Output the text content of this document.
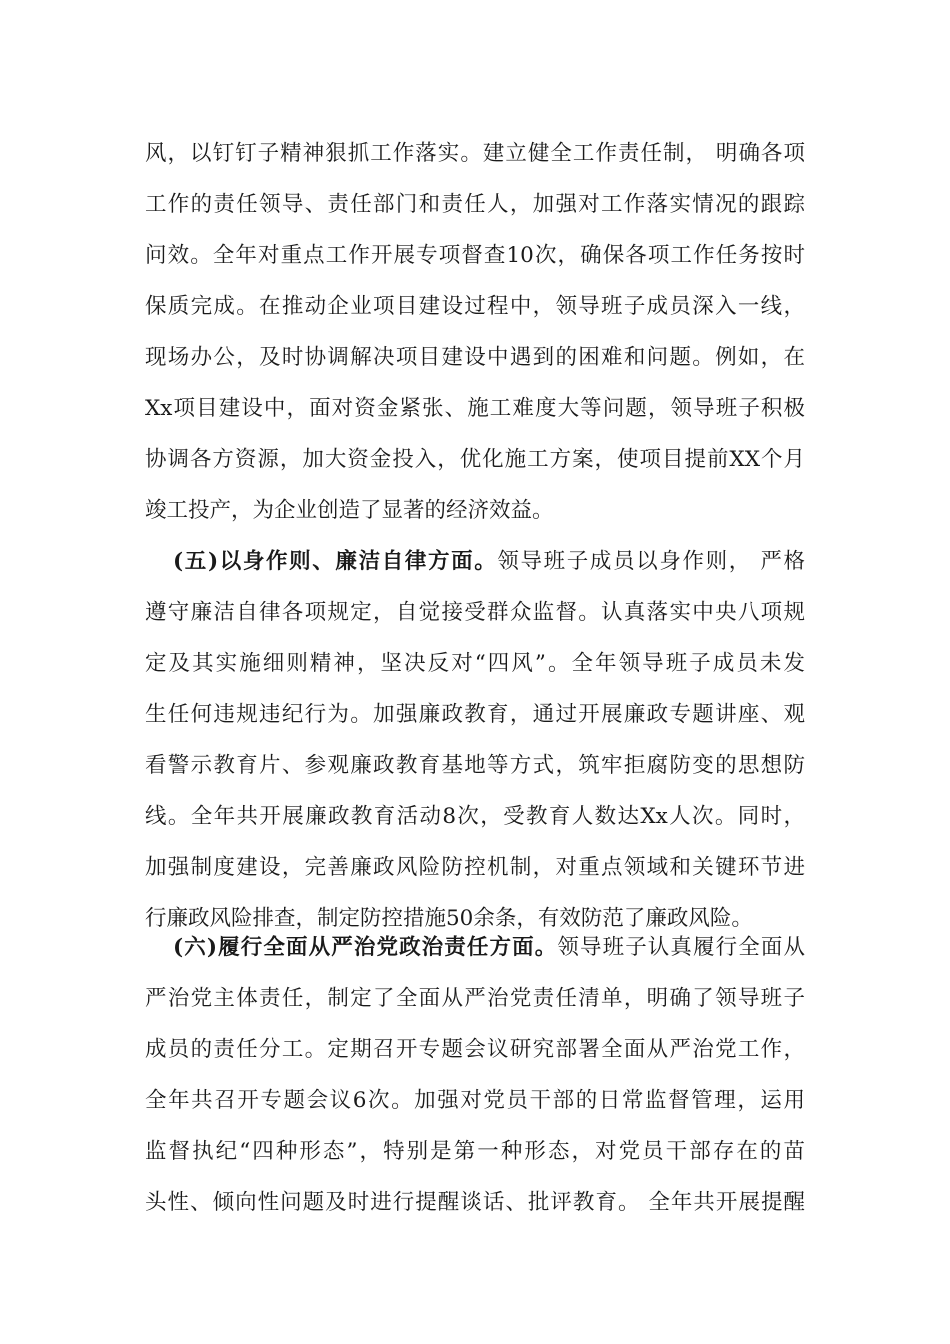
风，以钉钉子精神狠抓工作落实。建立健全工作责任制， 明确各项
工作的责任领导、责任部门和责任人，加强对工作落实情况的跟踪
问效。全年对重点工作开展专项督查10次，确保各项工作任务按时
保质完成。在推动企业项目建设过程中，领导班子成员深入一线，
现场办公，及时协调解决项目建设中遇到的困难和问题。例如，在
Xx项目建设中，面对资金紧张、施工难度大等问题，领导班子积极
协调各方资源，加大资金投入，优化施工方案，使项目提前XX个月
竣工投产，为企业创造了显著的经济效益。
(五)以身作则、廉洁自律方面。领导班子成员以身作则， 严格
遵守廉洁自律各项规定，自觉接受群众监督。认真落实中央八项规
定及其实施细则精神，坚决反对“四风”。全年领导班子成员未发
生任何违规违纪行为。加强廉政教育，通过开展廉政专题讲座、观
看警示教育片、参观廉政教育基地等方式，筑牢拒腐防变的思想防
线。全年共开展廉政教育活动8次，受教育人数达Xx人次。同时，
加强制度建设，完善廉政风险防控机制，对重点领域和关键环节进
行廉政风险排查，制定防控措施50余条，有效防范了廉政风险。
(六)履行全面从严治党政治责任方面。领导班子认真履行全面从
严治党主体责任，制定了全面从严治党责任清单，明确了领导班子
成员的责任分工。定期召开专题会议研究部署全面从严治党工作，
全年共召开专题会议6次。加强对党员干部的日常监督管理，运用
监督执纪“四种形态”，特别是第一种形态，对党员干部存在的苗
头性、倾向性问题及时进行提醒谈话、批评教育。 全年共开展提醒
